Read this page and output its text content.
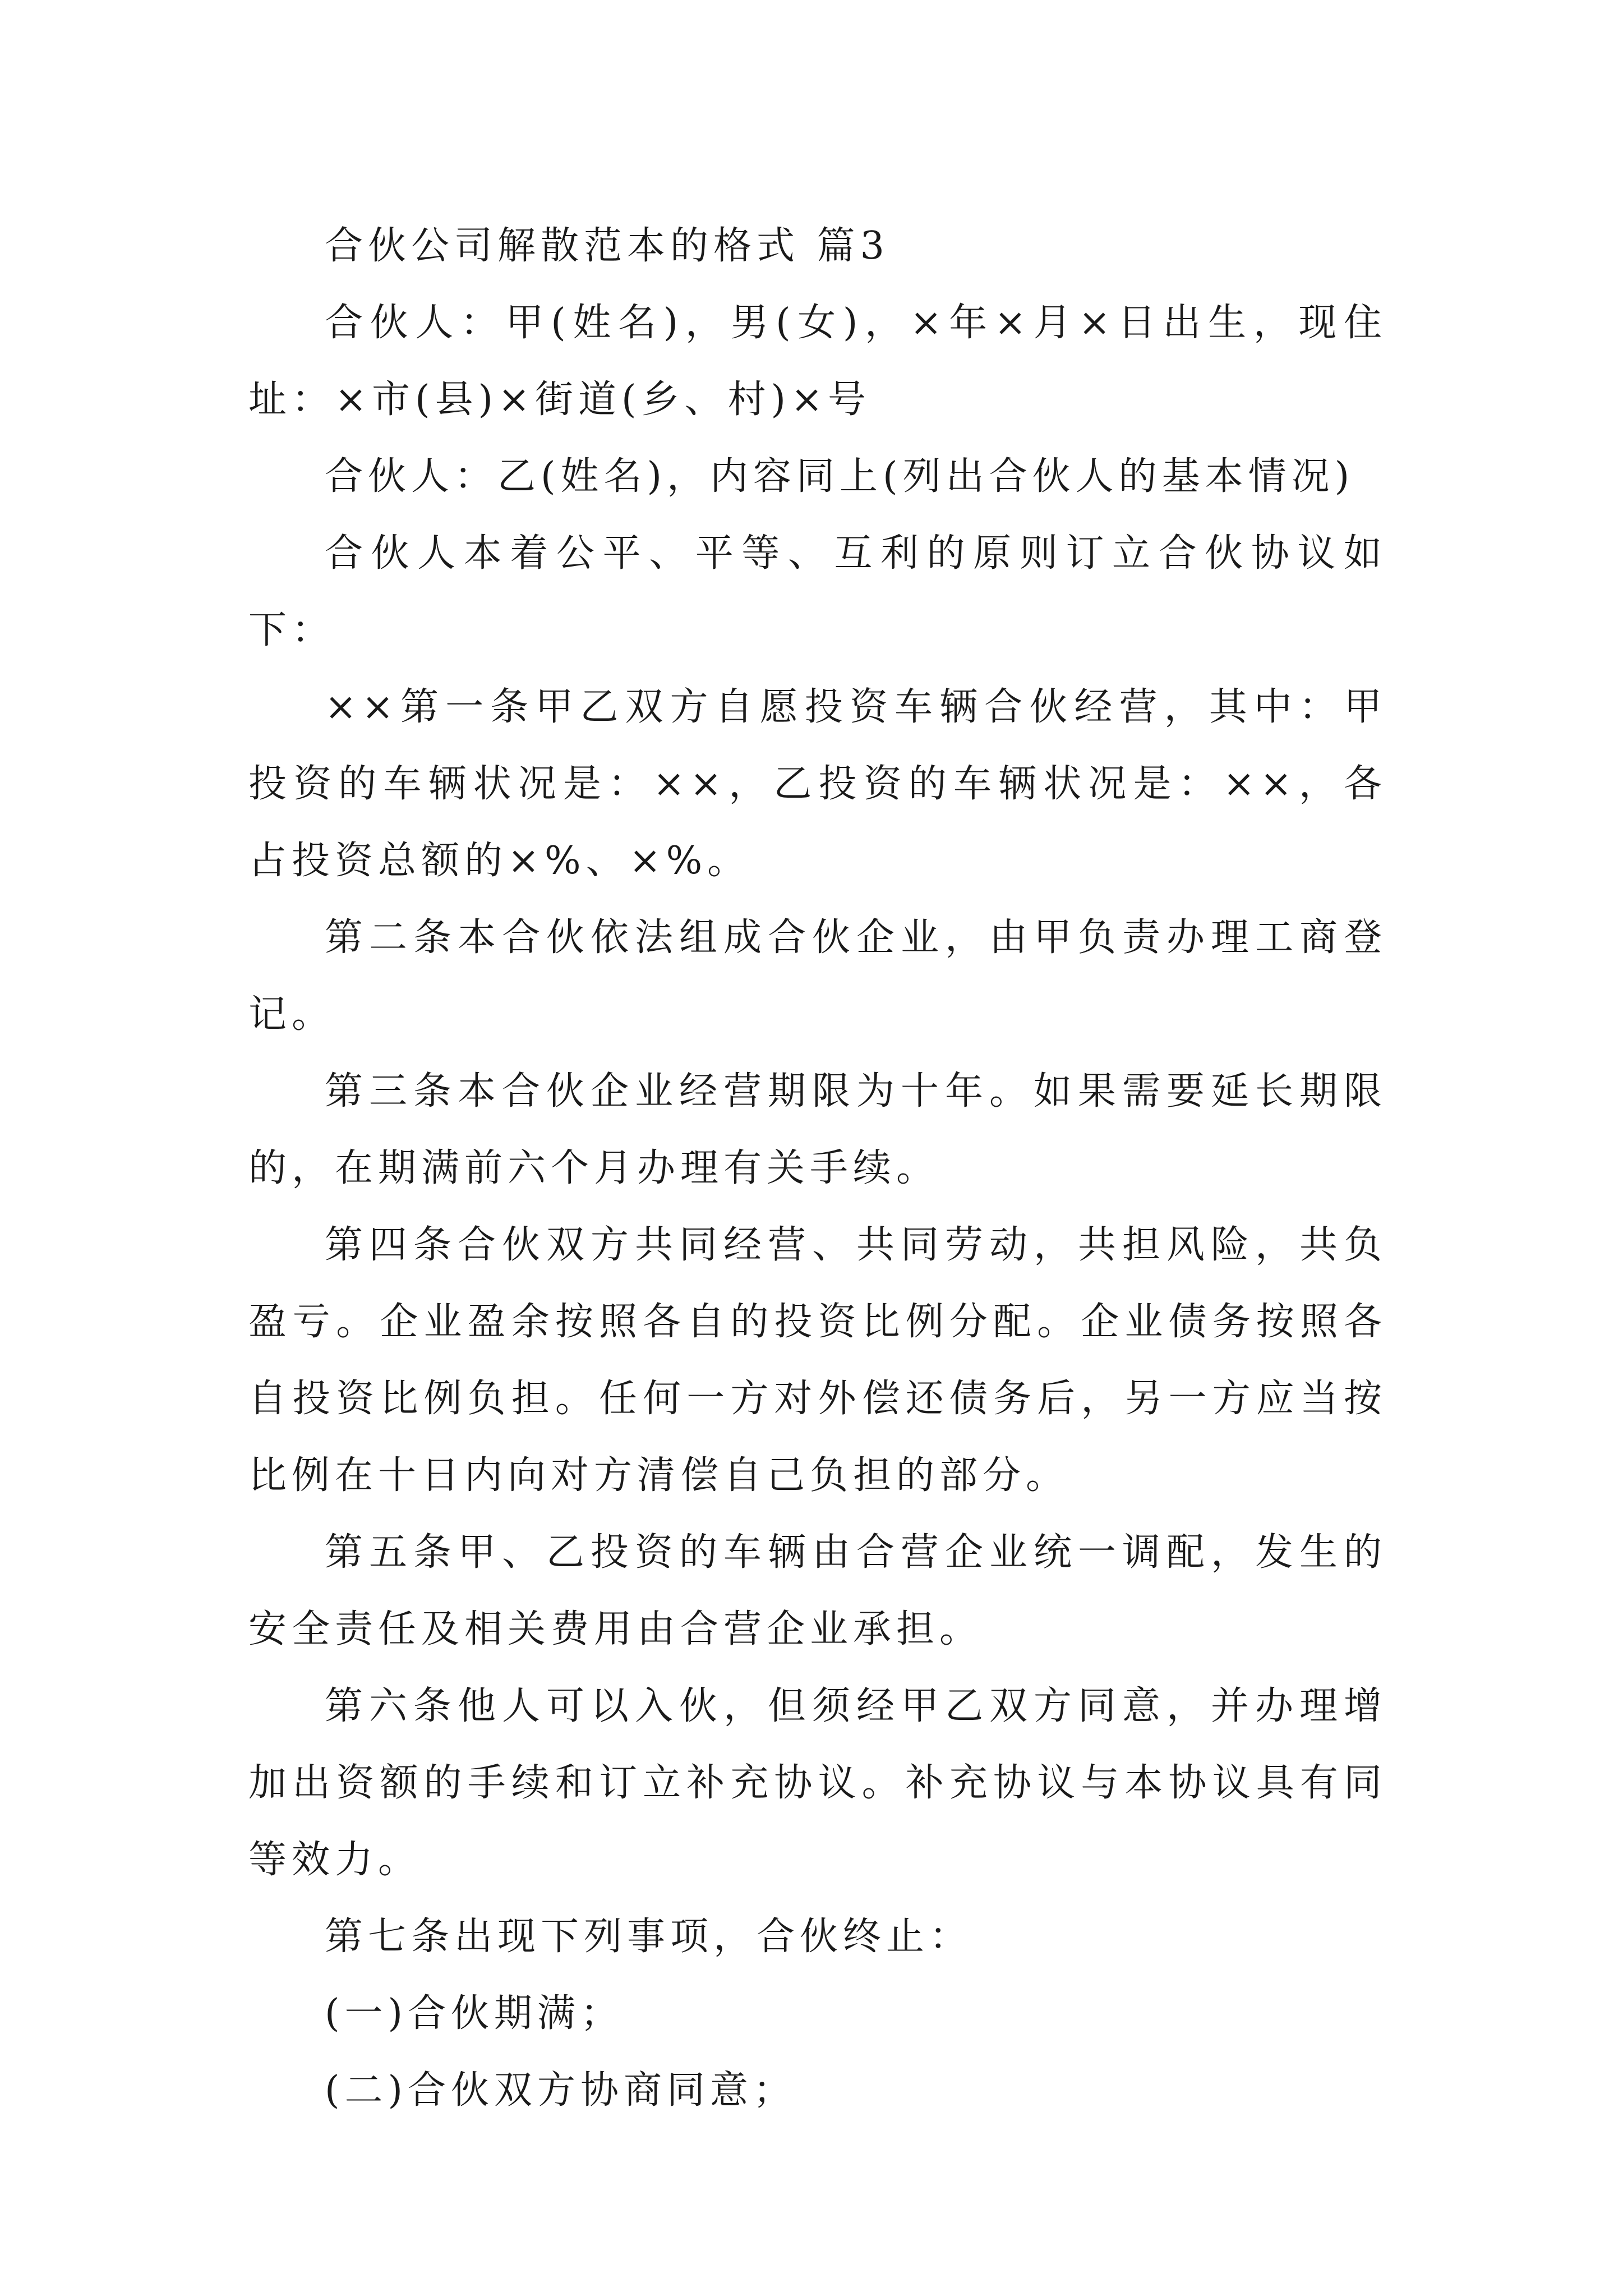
合伙公司解散范本的格式 篇3

合伙人：甲(姓名)，男(女)，×年×月×日出生，现住址：×市(县)×街道(乡、村)×号

合伙人：乙(姓名)，内容同上(列出合伙人的基本情况)

合伙人本着公平、平等、互利的原则订立合伙协议如下：

××第一条甲乙双方自愿投资车辆合伙经营，其中：甲投资的车辆状况是：××，乙投资的车辆状况是：××，各占投资总额的×%、×%。

第二条本合伙依法组成合伙企业，由甲负责办理工商登记。

第三条本合伙企业经营期限为十年。如果需要延长期限的，在期满前六个月办理有关手续。

第四条合伙双方共同经营、共同劳动，共担风险，共负盈亏。企业盈余按照各自的投资比例分配。企业债务按照各自投资比例负担。任何一方对外偿还债务后，另一方应当按比例在十日内向对方清偿自己负担的部分。

第五条甲、乙投资的车辆由合营企业统一调配，发生的安全责任及相关费用由合营企业承担。

第六条他人可以入伙，但须经甲乙双方同意，并办理增加出资额的手续和订立补充协议。补充协议与本协议具有同等效力。

第七条出现下列事项，合伙终止：

(一)合伙期满；

(二)合伙双方协商同意；
